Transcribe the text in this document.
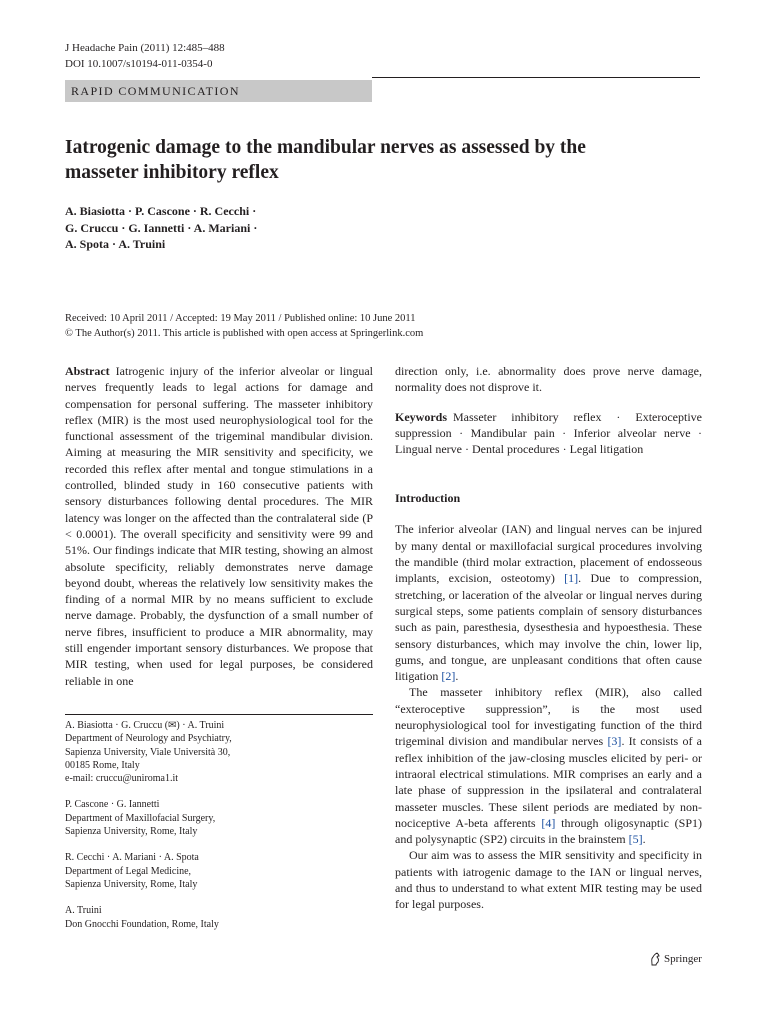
J Headache Pain (2011) 12:485–488
DOI 10.1007/s10194-011-0354-0
RAPID COMMUNICATION
Iatrogenic damage to the mandibular nerves as assessed by the masseter inhibitory reflex
A. Biasiotta · P. Cascone · R. Cecchi ·
G. Cruccu · G. Iannetti · A. Mariani ·
A. Spota · A. Truini
Received: 10 April 2011 / Accepted: 19 May 2011 / Published online: 10 June 2011
© The Author(s) 2011. This article is published with open access at Springerlink.com

Abstract Iatrogenic injury of the inferior alveolar or lingual nerves frequently leads to legal actions for damage and compensation for personal suffering. The masseter inhibitory reflex (MIR) is the most used neurophysiological tool for the functional assessment of the trigeminal mandibular division. Aiming at measuring the MIR sensitivity and specificity, we recorded this reflex after mental and tongue stimulations in a controlled, blinded study in 160 consecutive patients with sensory disturbances following dental procedures. The MIR latency was longer on the affected than the contralateral side (P < 0.0001). The overall specificity and sensitivity were 99 and 51%. Our findings indicate that MIR testing, showing an almost absolute specificity, reliably demonstrates nerve damage beyond doubt, whereas the relatively low sensitivity makes the finding of a normal MIR by no means sufficient to exclude nerve damage. Probably, the dysfunction of a small number of nerve fibres, insufficient to produce a MIR abnormality, may still engender important sensory disturbances. We propose that MIR testing, when used for legal purposes, be considered reliable in one

A. Biasiotta · G. Cruccu (✉) · A. Truini
Department of Neurology and Psychiatry,
Sapienza University, Viale Università 30,
00185 Rome, Italy
e-mail: cruccu@uniroma1.it
P. Cascone · G. Iannetti
Department of Maxillofacial Surgery,
Sapienza University, Rome, Italy
R. Cecchi · A. Mariani · A. Spota
Department of Legal Medicine,
Sapienza University, Rome, Italy
A. Truini
Don Gnocchi Foundation, Rome, Italy

direction only, i.e. abnormality does prove nerve damage, normality does not disprove it.

Keywords Masseter inhibitory reflex · Exteroceptive suppression · Mandibular pain · Inferior alveolar nerve · Lingual nerve · Dental procedures · Legal litigation

Introduction

The inferior alveolar (IAN) and lingual nerves can be injured by many dental or maxillofacial surgical procedures involving the mandible (third molar extraction, placement of endosseous implants, excision, osteotomy) [1]. Due to compression, stretching, or laceration of the alveolar or lingual nerves during surgical steps, some patients complain of sensory disturbances such as pain, paresthesia, dysesthesia and hypoesthesia. These sensory disturbances, which may involve the chin, lower lip, gums, and tongue, are unpleasant conditions that often cause litigation [2].

The masseter inhibitory reflex (MIR), also called “exteroceptive suppression”, is the most used neurophysiological tool for investigating function of the third trigeminal division and mandibular nerves [3]. It consists of a reflex inhibition of the jaw-closing muscles elicited by peri- or intraoral electrical stimulations. MIR comprises an early and a late phase of suppression in the ipsilateral and contralateral masseter muscles. These silent periods are mediated by non-nociceptive A-beta afferents [4] through oligosynaptic (SP1) and polysynaptic (SP2) circuits in the brainstem [5].

Our aim was to assess the MIR sensitivity and specificity in patients with iatrogenic damage to the IAN or lingual nerves, and thus to understand to what extent MIR testing may be used for legal purposes.

Springer
